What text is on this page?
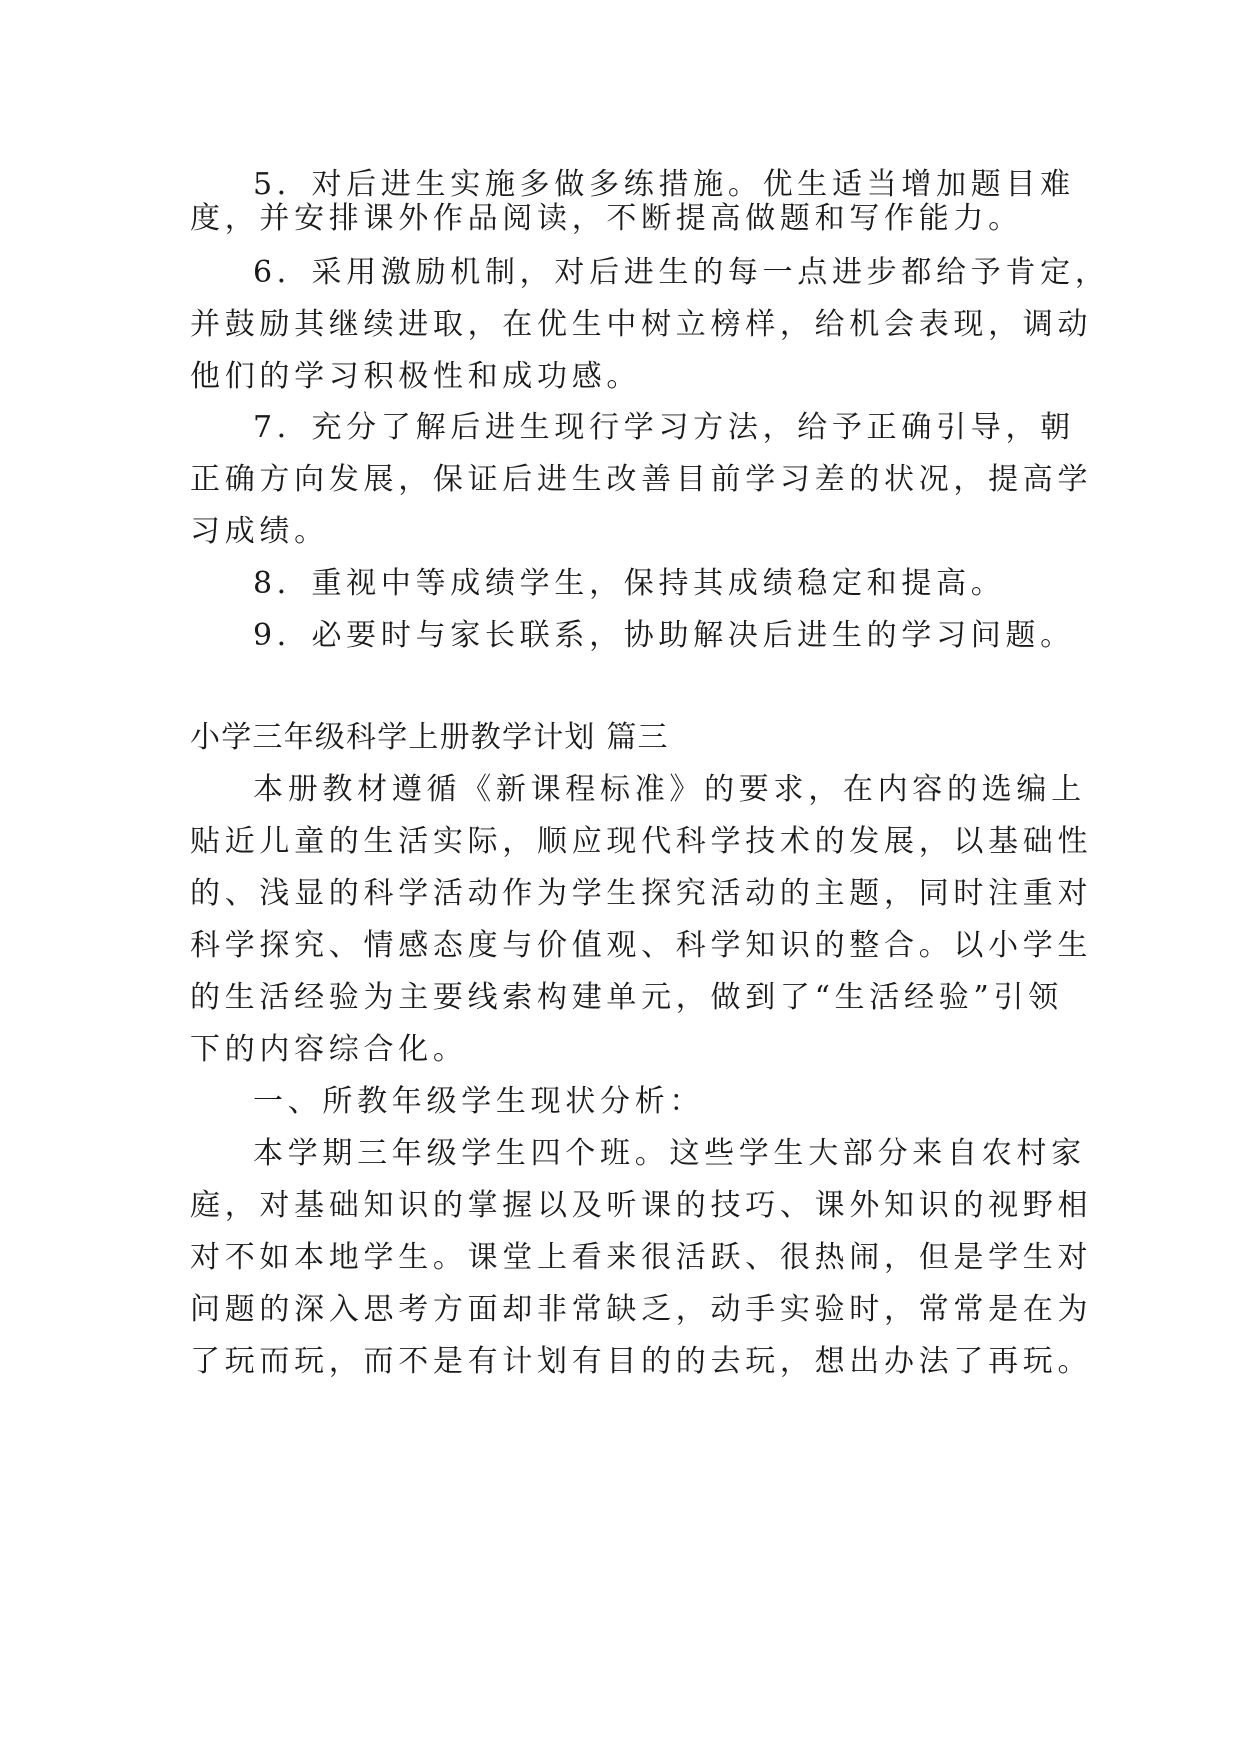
5．对后进生实施多做多练措施。优生适当增加题目难
度，并安排课外作品阅读，不断提高做题和写作能力。
6．采用激励机制，对后进生的每一点进步都给予肯定，
并鼓励其继续进取，在优生中树立榜样，给机会表现，调动
他们的学习积极性和成功感。
7．充分了解后进生现行学习方法，给予正确引导，朝
正确方向发展，保证后进生改善目前学习差的状况，提高学
习成绩。
8．重视中等成绩学生，保持其成绩稳定和提高。
9．必要时与家长联系，协助解决后进生的学习问题。
小学三年级科学上册教学计划 篇三
本册教材遵循《新课程标准》的要求，在内容的选编上
贴近儿童的生活实际，顺应现代科学技术的发展，以基础性
的、浅显的科学活动作为学生探究活动的主题，同时注重对
科学探究、情感态度与价值观、科学知识的整合。以小学生
的生活经验为主要线索构建单元，做到了“生活经验”引领
下的内容综合化。
一、所教年级学生现状分析：
本学期三年级学生四个班。这些学生大部分来自农村家
庭，对基础知识的掌握以及听课的技巧、课外知识的视野相
对不如本地学生。课堂上看来很活跃、很热闹，但是学生对
问题的深入思考方面却非常缺乏，动手实验时，常常是在为
了玩而玩，而不是有计划有目的的去玩，想出办法了再玩。
